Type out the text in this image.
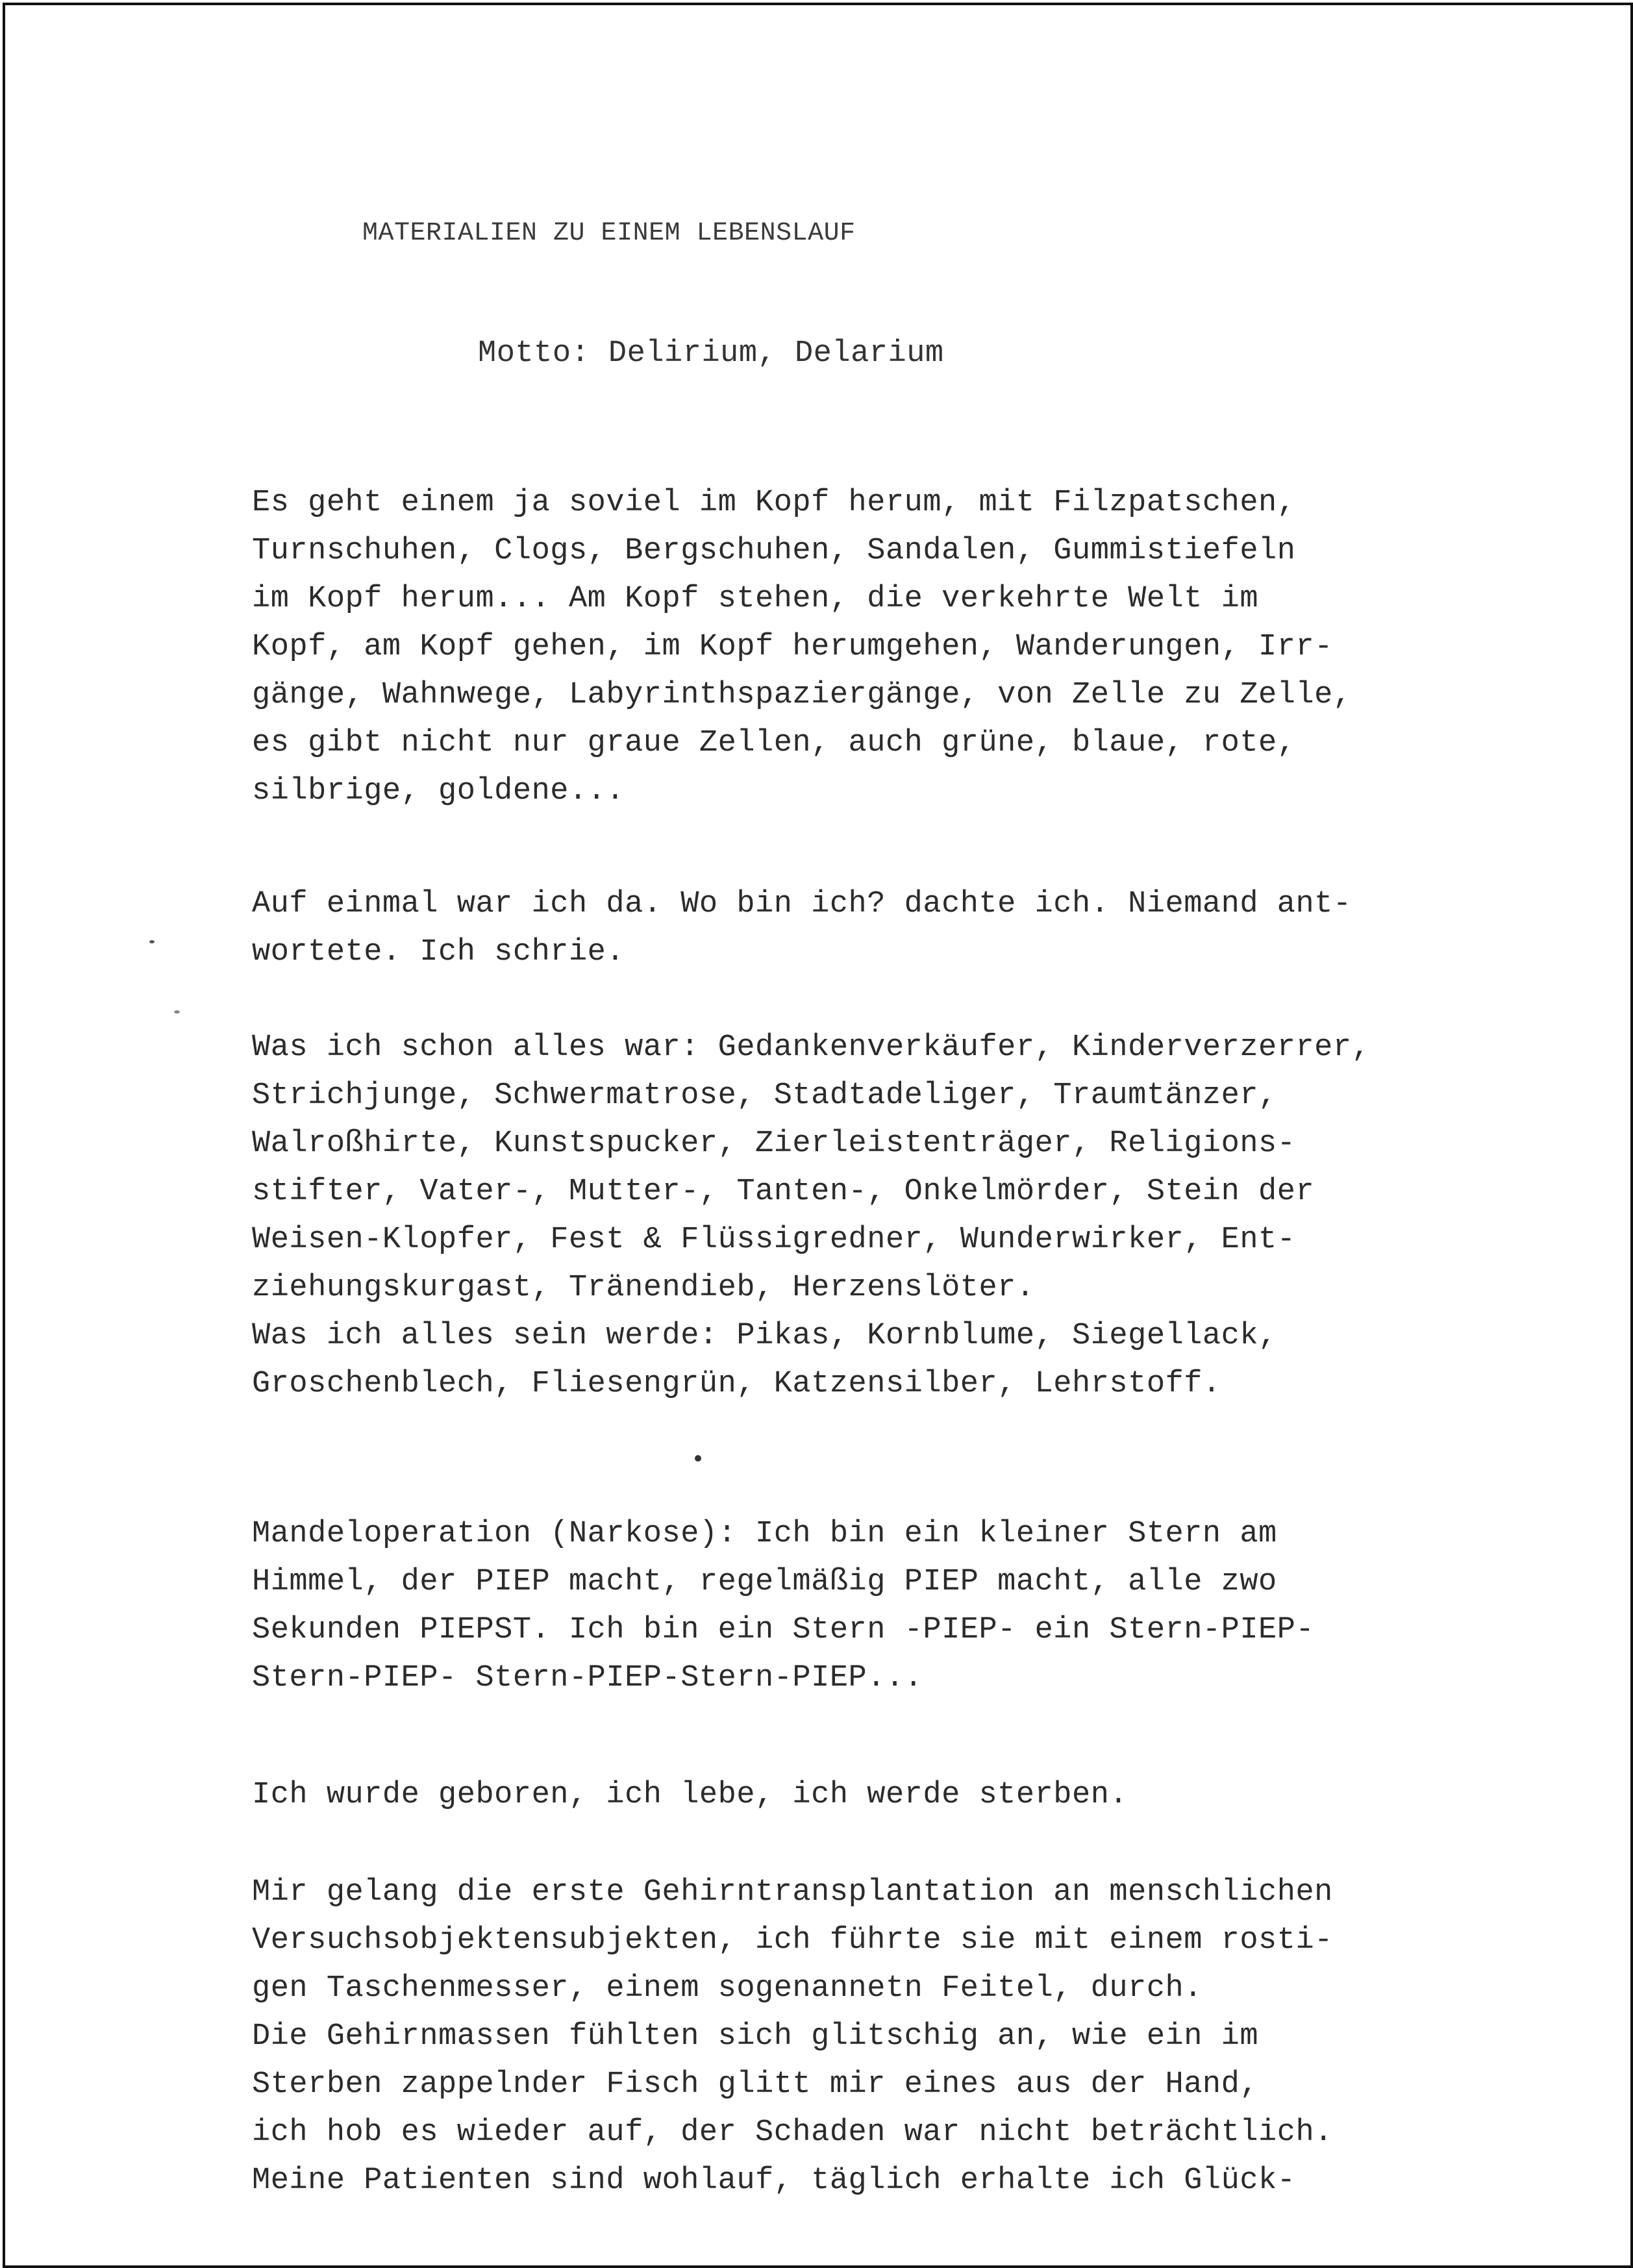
MATERIALIEN ZU EINEM LEBENSLAUF

Motto: Delirium, Delarium

Es geht einem ja soviel im Kopf herum, mit Filzpatschen,
Turnschuhen, Clogs, Bergschuhen, Sandalen, Gummistiefeln
im Kopf herum... Am Kopf stehen, die verkehrte Welt im
Kopf, am Kopf gehen, im Kopf herumgehen, Wanderungen, Irr-
gänge, Wahnwege, Labyrinthspaziergänge, von Zelle zu Zelle,
es gibt nicht nur graue Zellen, auch grüne, blaue, rote,
silbrige, goldene...

Auf einmal war ich da. Wo bin ich? dachte ich. Niemand ant-
wortete. Ich schrie.

Was ich schon alles war: Gedankenverkäufer, Kinderverzerrer,
Strichjunge, Schwermatrose, Stadtadeliger, Traumtänzer,
Walroßhirte, Kunstspucker, Zierleistenträger, Religions-
stifter, Vater-, Mutter-, Tanten-, Onkelmörder, Stein der
Weisen-Klopfer, Fest & Flüssigredner, Wunderwirker, Ent-
ziehungskurgast, Tränendieb, Herzenslöter.
Was ich alles sein werde: Pikas, Kornblume, Siegellack,
Groschenblech, Fliesengrün, Katzensilber, Lehrstoff.

Mandeloperation (Narkose): Ich bin ein kleiner Stern am
Himmel, der PIEP macht, regelmäßig PIEP macht, alle zwo
Sekunden PIEPST. Ich bin ein Stern -PIEP- ein Stern-PIEP-
Stern-PIEP- Stern-PIEP-Stern-PIEP...

Ich wurde geboren, ich lebe, ich werde sterben.

Mir gelang die erste Gehirntransplantation an menschlichen
Versuchsobjektensubjekten, ich führte sie mit einem rosti-
gen Taschenmesser, einem sogenannetn Feitel, durch.
Die Gehirnmassen fühlten sich glitschig an, wie ein im
Sterben zappelnder Fisch glitt mir eines aus der Hand,
ich hob es wieder auf, der Schaden war nicht beträchtlich.
Meine Patienten sind wohlauf, täglich erhalte ich Glück-
